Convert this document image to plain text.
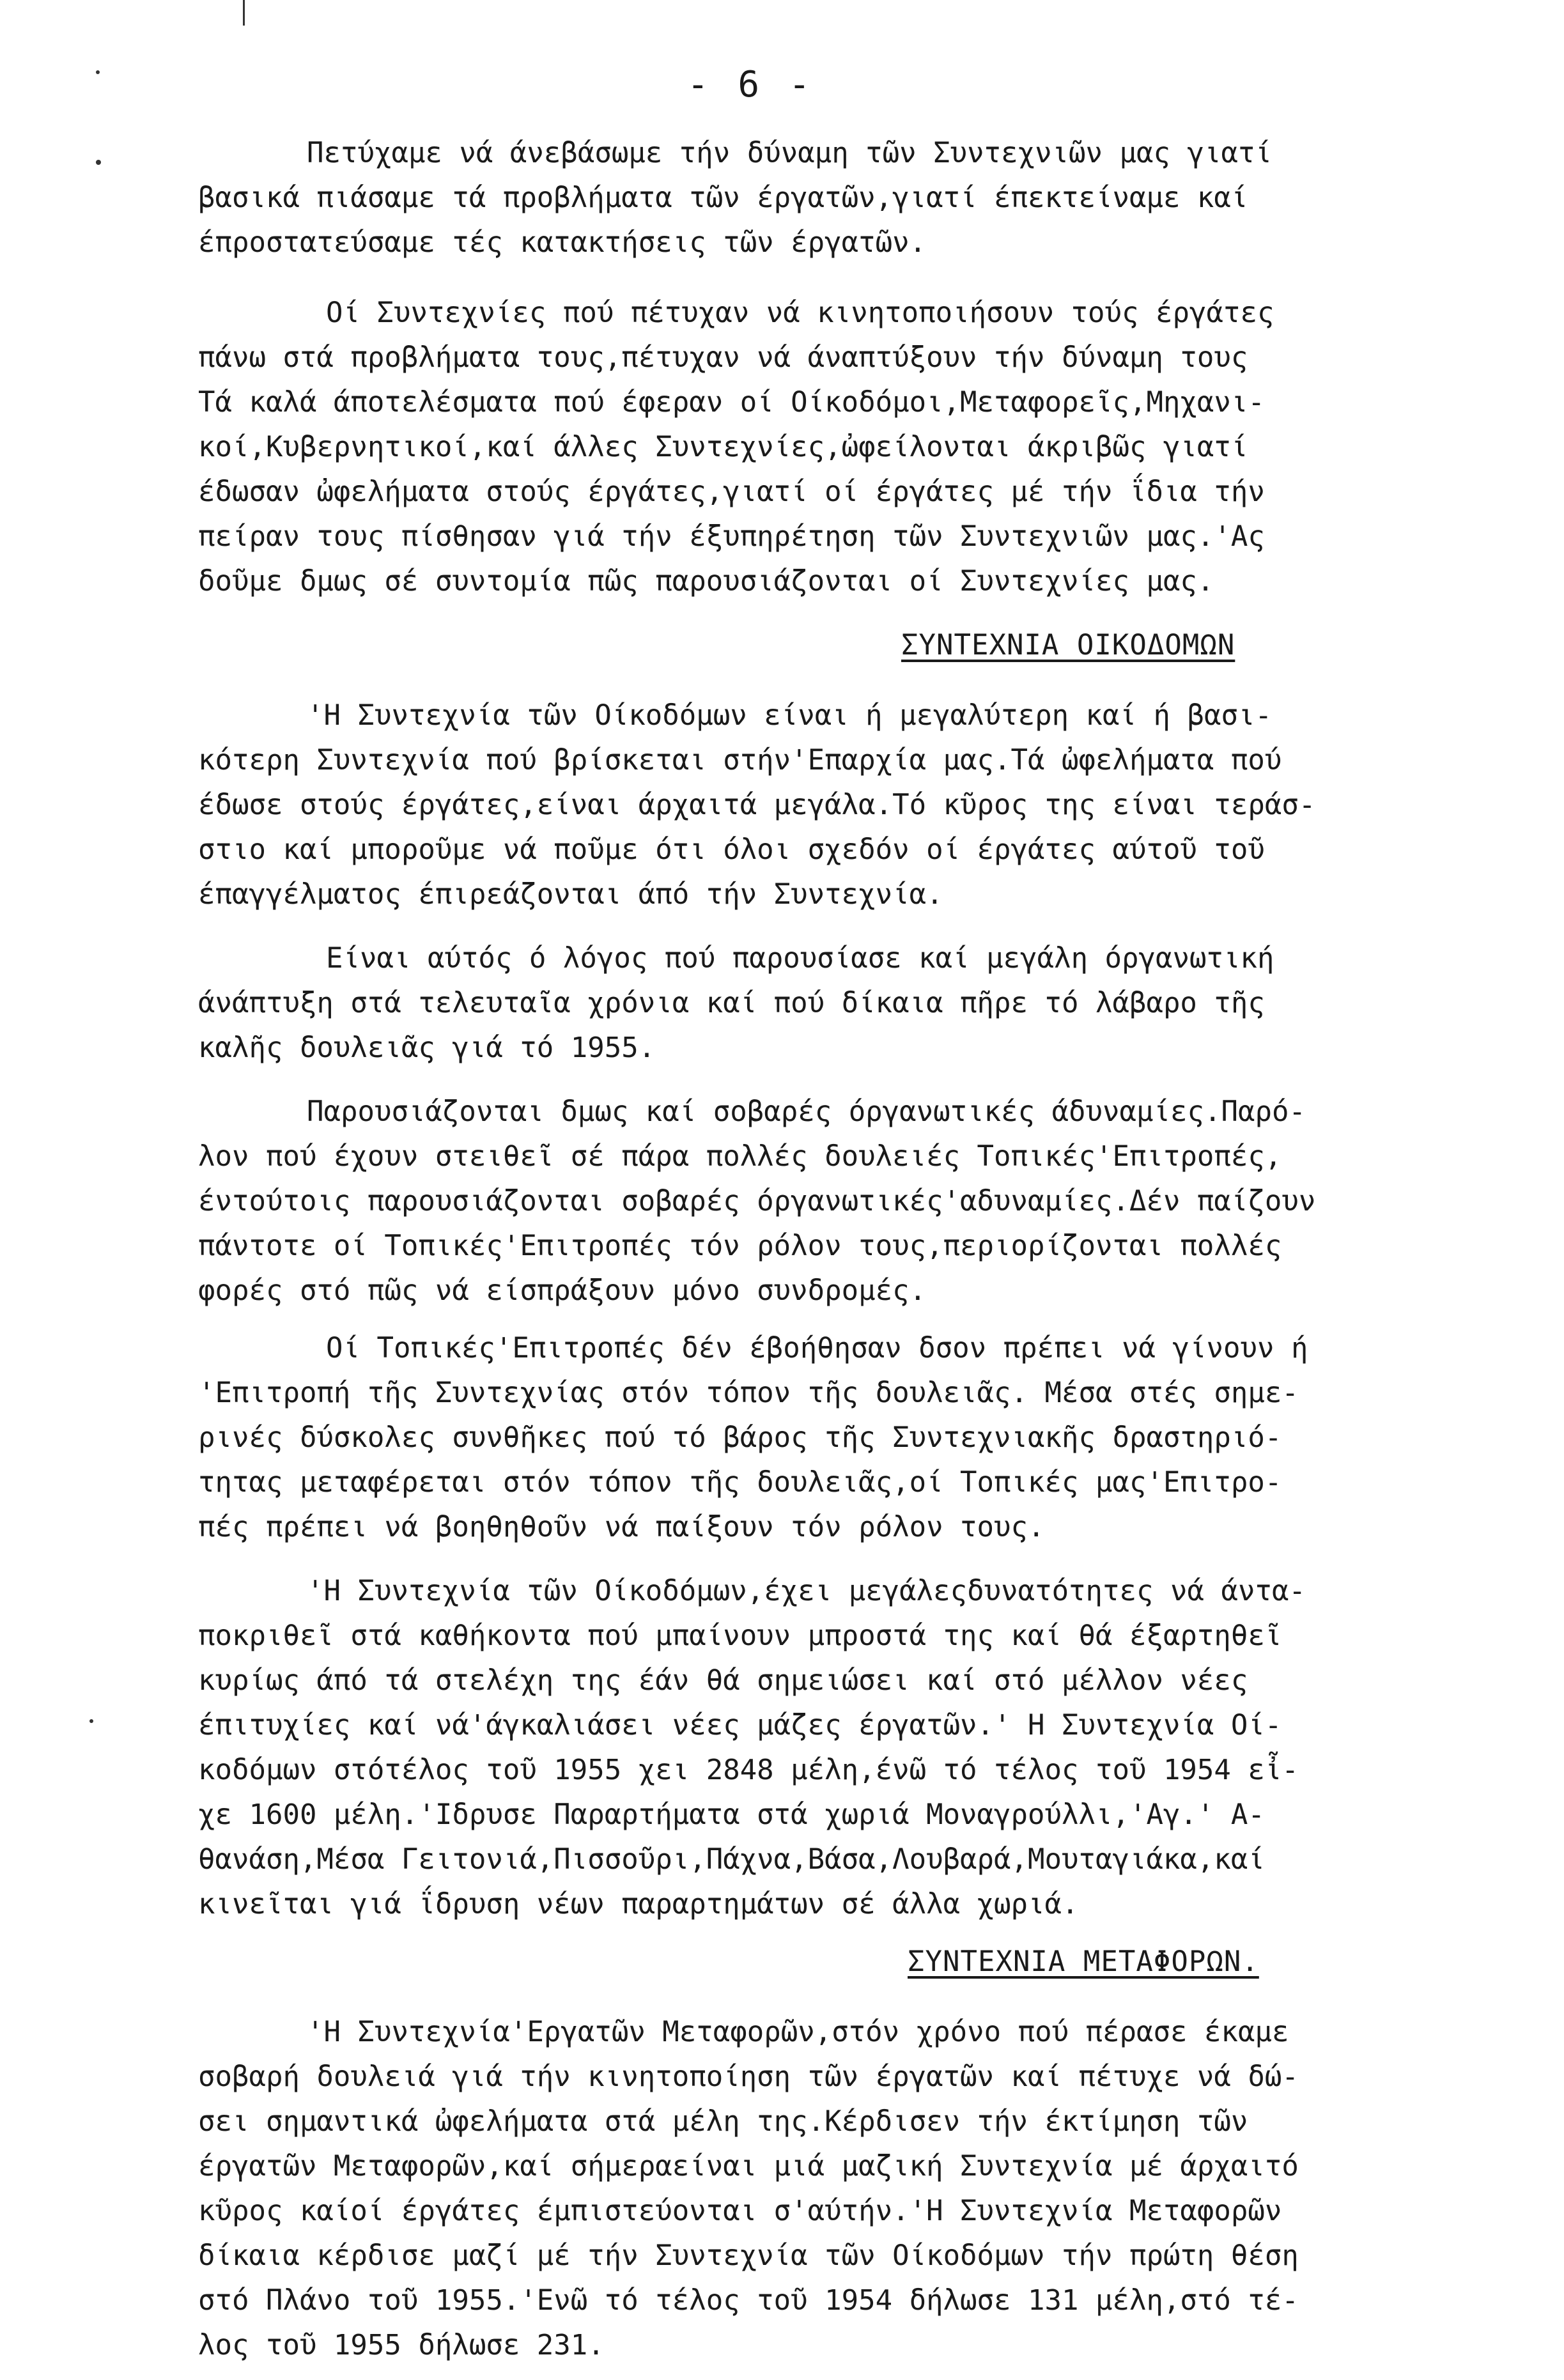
- 6 -
Πετύχαμε νά άνεβάσωμε τήν δύναμη τῶν Συντεχνιῶν μας γιατί
βασικά πιάσαμε τά προβλήματα τῶν έργατῶν,γιατί έπεκτείναμε καί
έπροστατεύσαμε τές κατακτήσεις τῶν έργατῶν.
Οί Συντεχνίες πού πέτυχαν νά κινητοποιήσουν τούς έργάτες
πάνω στά προβλήματα τους,πέτυχαν νά άναπτύξουν τήν δύναμη τους
Τά καλά άποτελέσματα πού έφεραν οί Οίκοδόμοι,Μεταφορεῖς,Μηχανι-
κοί,Κυβερνητικοί,καί άλλες Συντεχνίες,ὠφείλονται άκριβῶς γιατί
έδωσαν ὠφελήματα στούς έργάτες,γιατί οί έργάτες μέ τήν ΐδια τήν
πείραν τους πίσθησαν γιά τήν έξυπηρέτηση τῶν Συντεχνιῶν μας.'Ας
δοῦμε δμως σέ συντομία πῶς παρουσιάζονται οί Συντεχνίες μας.
ΣΥΝΤΕΧΝΙΑ ΟΙΚΟΔΟΜΩΝ
'Η Συντεχνία τῶν Οίκοδόμων είναι ή μεγαλύτερη καί ή βασι-
κότερη Συντεχνία πού βρίσκεται στήν'Επαρχία μας.Τά ὠφελήματα πού
έδωσε στούς έργάτες,είναι άρχαιτά μεγάλα.Τό κῦρος της είναι τεράσ-
στιο καί μποροῦμε νά ποῦμε ότι όλοι σχεδόν οί έργάτες αύτοῦ τοῦ
έπαγγέλματος έπιρεάζονται άπό τήν Συντεχνία.
Είναι αύτός ό λόγος πού παρουσίασε καί μεγάλη όργανωτική
άνάπτυξη στά τελευταῖα χρόνια καί πού δίκαια πῆρε τό λάβαρο τῆς
καλῆς δουλειᾶς γιά τό 1955.
Παρουσιάζονται δμως καί σοβαρές όργανωτικές άδυναμίες.Παρό-
λον πού έχουν στειθεῖ σέ πάρα πολλές δουλειές Τοπικές'Επιτροπές,
έντούτοις παρουσιάζονται σοβαρές όργανωτικές'αδυναμίες.Δέν παίζουν
πάντοτε οί Τοπικές'Επιτροπές τόν ρόλον τους,περιορίζονται πολλές
φορές στό πῶς νά είσπράξουν μόνο συνδρομές.
Οί Τοπικές'Επιτροπές δέν έβοήθησαν δσον πρέπει νά γίνουν ή
'Επιτροπή τῆς Συντεχνίας στόν τόπον τῆς δουλειᾶς. Μέσα στές σημε-
ρινές δύσκολες συνθῆκες πού τό βάρος τῆς Συντεχνιακῆς δραστηριό-
τητας μεταφέρεται στόν τόπον τῆς δουλειᾶς,οί Τοπικές μας'Επιτρο-
πές πρέπει νά βοηθηθοῦν νά παίξουν τόν ρόλον τους.
'Η Συντεχνία τῶν Οίκοδόμων,έχει μεγάλεςδυνατότητες νά άντα-
ποκριθεῖ στά καθήκοντα πού μπαίνουν μπροστά της καί θά έξαρτηθεῖ
κυρίως άπό τά στελέχη της έάν θά σημειώσει καί στό μέλλον νέες
έπιτυχίες καί νά'άγκαλιάσει νέες μάζες έργατῶν.' Η Συντεχνία Οί-
κοδόμων στότέλος τοῦ 1955 χει 2848 μέλη,ένῶ τό τέλος τοῦ 1954 εἶ-
χε 1600 μέλη.'Ιδρυσε Παραρτήματα στά χωριά Μοναγρούλλι,'Αγ.' Α-
θανάση,Μέσα Γειτονιά,Πισσοῦρι,Πάχνα,Βάσα,Λουβαρά,Μουταγιάκα,καί
κινεῖται γιά ΐδρυση νέων παραρτημάτων σέ άλλα χωριά.
ΣΥΝΤΕΧΝΙΑ ΜΕΤΑΦΟΡΩΝ.
'Η Συντεχνία'Εργατῶν Μεταφορῶν,στόν χρόνο πού πέρασε έκαμε
σοβαρή δουλειά γιά τήν κινητοποίηση τῶν έργατῶν καί πέτυχε νά δώ-
σει σημαντικά ὠφελήματα στά μέλη της.Κέρδισεν τήν έκτίμηση τῶν
έργατῶν Μεταφορῶν,καί σήμεραείναι μιά μαζική Συντεχνία μέ άρχαιτό
κῦρος καίοί έργάτες έμπιστεύονται σ'αύτήν.'Η Συντεχνία Μεταφορῶν
δίκαια κέρδισε μαζί μέ τήν Συντεχνία τῶν Οίκοδόμων τήν πρώτη θέση
στό Πλάνο τοῦ 1955.'Ενῶ τό τέλος τοῦ 1954 δήλωσε 131 μέλη,στό τέ-
λος τοῦ 1955 δήλωσε 231.
